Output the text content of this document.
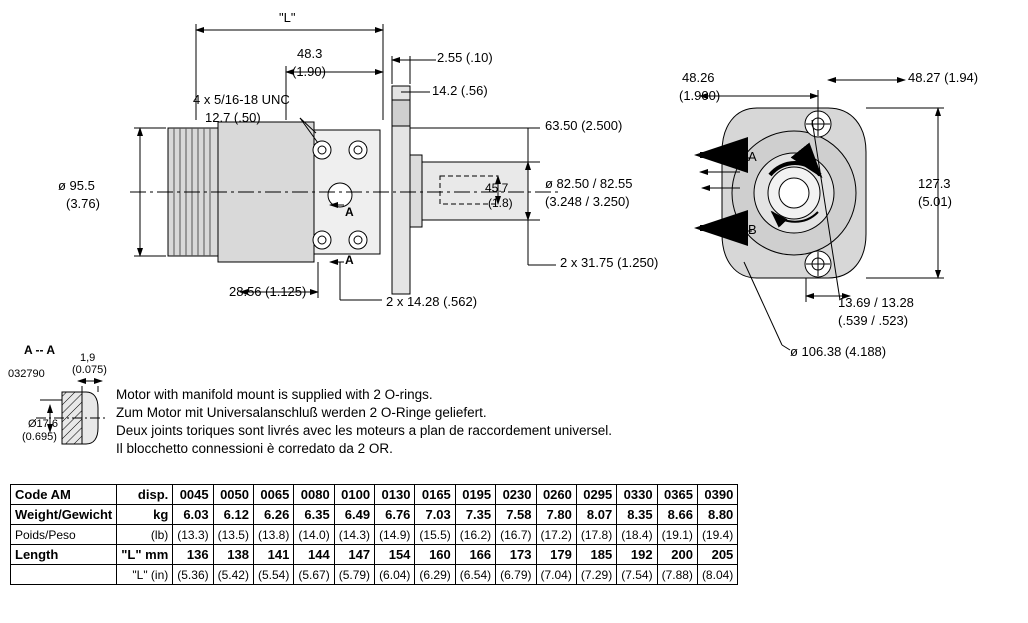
"L"
48.3
(1.90)
2.55 (.10)
14.2 (.56)
4 x 5/16-18 UNC
12.7 (.50)
ø 95.5
(3.76)
63.50 (2.500)
45.7
(1.8)
ø 82.50 / 82.55
(3.248 / 3.250)
2 x 31.75 (1.250)
28.56 (1.125)
2 x 14.28 (.562)
A
A
48.26
(1.900)
48.27 (1.94)
127.3
(5.01)
A
B
13.69 / 13.28
(.539 / .523)
ø 106.38 (4.188)
A -- A
1,9
(0.075)
032790
Ø17,6
(0.695)
Motor with manifold mount is supplied with 2 O-rings.
Zum Motor mit Universalanschluß werden 2 O-Ringe geliefert.
Deux joints toriques sont livrés avec les moteurs a plan de raccordement universel.
Il blocchetto connessioni è corredato da 2 OR.
Code AM	disp.	0045	0050	0065	0080	0100	0130	0165	0195	0230	0260	0295	0330	0365	0390
Weight/Gewicht	kg	6.03	6.12	6.26	6.35	6.49	6.76	7.03	7.35	7.58	7.80	8.07	8.35	8.66	8.80
Poids/Peso	(lb)	(13.3)	(13.5)	(13.8)	(14.0)	(14.3)	(14.9)	(15.5)	(16.2)	(16.7)	(17.2)	(17.8)	(18.4)	(19.1)	(19.4)
Length	"L" mm	136	138	141	144	147	154	160	166	173	179	185	192	200	205
	"L" (in)	(5.36)	(5.42)	(5.54)	(5.67)	(5.79)	(6.04)	(6.29)	(6.54)	(6.79)	(7.04)	(7.29)	(7.54)	(7.88)	(8.04)
